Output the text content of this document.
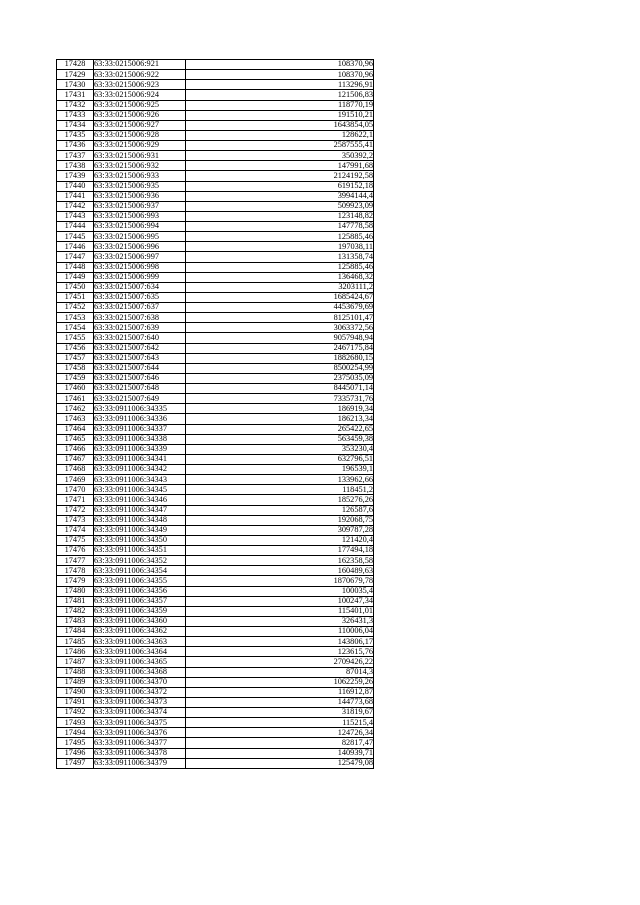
17428	63:33:0215006:921	108370,96
17429	63:33:0215006:922	108370,96
17430	63:33:0215006:923	113296,91
17431	63:33:0215006:924	121506,83
17432	63:33:0215006:925	118770,19
17433	63:33:0215006:926	191510,21
17434	63:33:0215006:927	1643854,05
17435	63:33:0215006:928	128622,1
17436	63:33:0215006:929	2587555,41
17437	63:33:0215006:931	350392,2
17438	63:33:0215006:932	147991,68
17439	63:33:0215006:933	2124192,58
17440	63:33:0215006:935	619152,18
17441	63:33:0215006:936	3994144,4
17442	63:33:0215006:937	509923,09
17443	63:33:0215006:993	123148,82
17444	63:33:0215006:994	147778,58
17445	63:33:0215006:995	125885,46
17446	63:33:0215006:996	197038,11
17447	63:33:0215006:997	131358,74
17448	63:33:0215006:998	125885,46
17449	63:33:0215006:999	136468,32
17450	63:33:0215007:634	3203111,2
17451	63:33:0215007:635	1685424,67
17452	63:33:0215007:637	4453679,69
17453	63:33:0215007:638	8125101,47
17454	63:33:0215007:639	3063372,56
17455	63:33:0215007:640	9057948,94
17456	63:33:0215007:642	2467175,84
17457	63:33:0215007:643	1882680,15
17458	63:33:0215007:644	8500254,99
17459	63:33:0215007:646	2375035,09
17460	63:33:0215007:648	8445071,14
17461	63:33:0215007:649	7335731,76
17462	63:33:0911006:34335	186919,34
17463	63:33:0911006:34336	186213,34
17464	63:33:0911006:34337	265422,65
17465	63:33:0911006:34338	563459,38
17466	63:33:0911006:34339	353230,4
17467	63:33:0911006:34341	632796,51
17468	63:33:0911006:34342	196539,1
17469	63:33:0911006:34343	133962,66
17470	63:33:0911006:34345	118451,2
17471	63:33:0911006:34346	185276,26
17472	63:33:0911006:34347	126587,6
17473	63:33:0911006:34348	192068,75
17474	63:33:0911006:34349	309787,28
17475	63:33:0911006:34350	121420,4
17476	63:33:0911006:34351	177494,18
17477	63:33:0911006:34352	162358,58
17478	63:33:0911006:34354	160489,63
17479	63:33:0911006:34355	1870679,78
17480	63:33:0911006:34356	100035,4
17481	63:33:0911006:34357	100247,34
17482	63:33:0911006:34359	115401,01
17483	63:33:0911006:34360	326431,3
17484	63:33:0911006:34362	110006,04
17485	63:33:0911006:34363	143806,17
17486	63:33:0911006:34364	123615,76
17487	63:33:0911006:34365	2709426,22
17488	63:33:0911006:34368	87014,3
17489	63:33:0911006:34370	1062259,26
17490	63:33:0911006:34372	116912,87
17491	63:33:0911006:34373	144773,68
17492	63:33:0911006:34374	31819,67
17493	63:33:0911006:34375	115215,4
17494	63:33:0911006:34376	124726,34
17495	63:33:0911006:34377	82817,47
17496	63:33:0911006:34378	140939,71
17497	63:33:0911006:34379	125479,08
